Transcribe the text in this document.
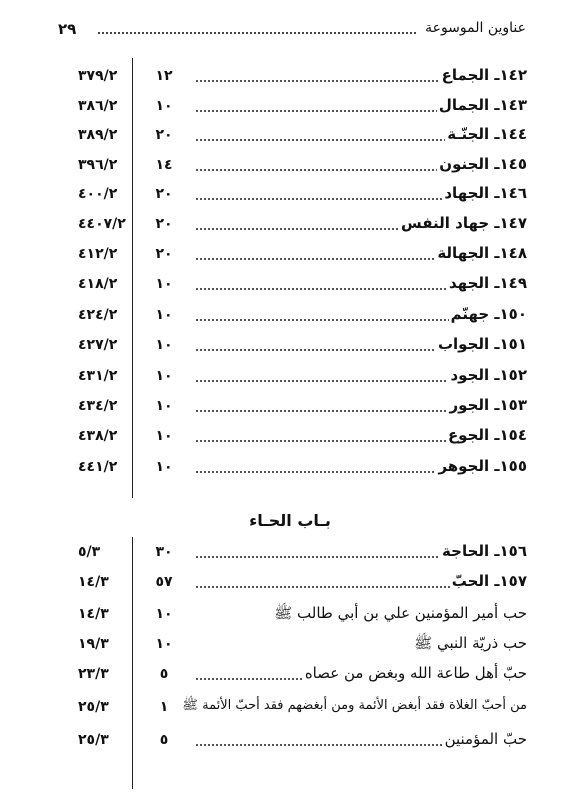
٢٩	عناوين الموسوعة
٣٧٩/٢	١٢	١٤٢ـ الجماع
٣٨٦/٢	١٠	١٤٣ـ الجمال
٣٨٩/٢	٢٠	١٤٤ـ الجنّـة
٣٩٦/٢	١٤	١٤٥ـ الجنون
٤٠٠/٢	٢٠	١٤٦ـ الجهاد
٤٤٠٧/٢	٢٠	١٤٧ـ جهاد النفس
٤١٢/٢	٢٠	١٤٨ـ الجهالة
٤١٨/٢	١٠	١٤٩ـ الجهد
٤٢٤/٢	١٠	١٥٠ـ جهنّم
٤٢٧/٢	١٠	١٥١ـ الجواب
٤٣١/٢	١٠	١٥٢ـ الجود
٤٣٤/٢	١٠	١٥٣ـ الجور
٤٣٨/٢	١٠	١٥٤ـ الجوع
٤٤١/٢	١٠	١٥٥ـ الجوهر
بـاب الحـاء
٥/٣	٣٠	١٥٦ـ الحاجة
١٤/٣	٥٧	١٥٧ـ الحبّ
١٤/٣	١٠	حب أمير المؤمنين علي بن أبي طالب ﷺ
١٩/٣	١٠	حب ذريّة النبي ﷺ
٢٣/٣	٥	حبّ أهل طاعة الله وبغض من عصاه
٢٥/٣	١	من أحبّ الغلاة فقد أبغض الأئمة ومن أبغضهم فقد أحبّ الأئمة ﷺ
٢٥/٣	٥	حبّ المؤمنين
